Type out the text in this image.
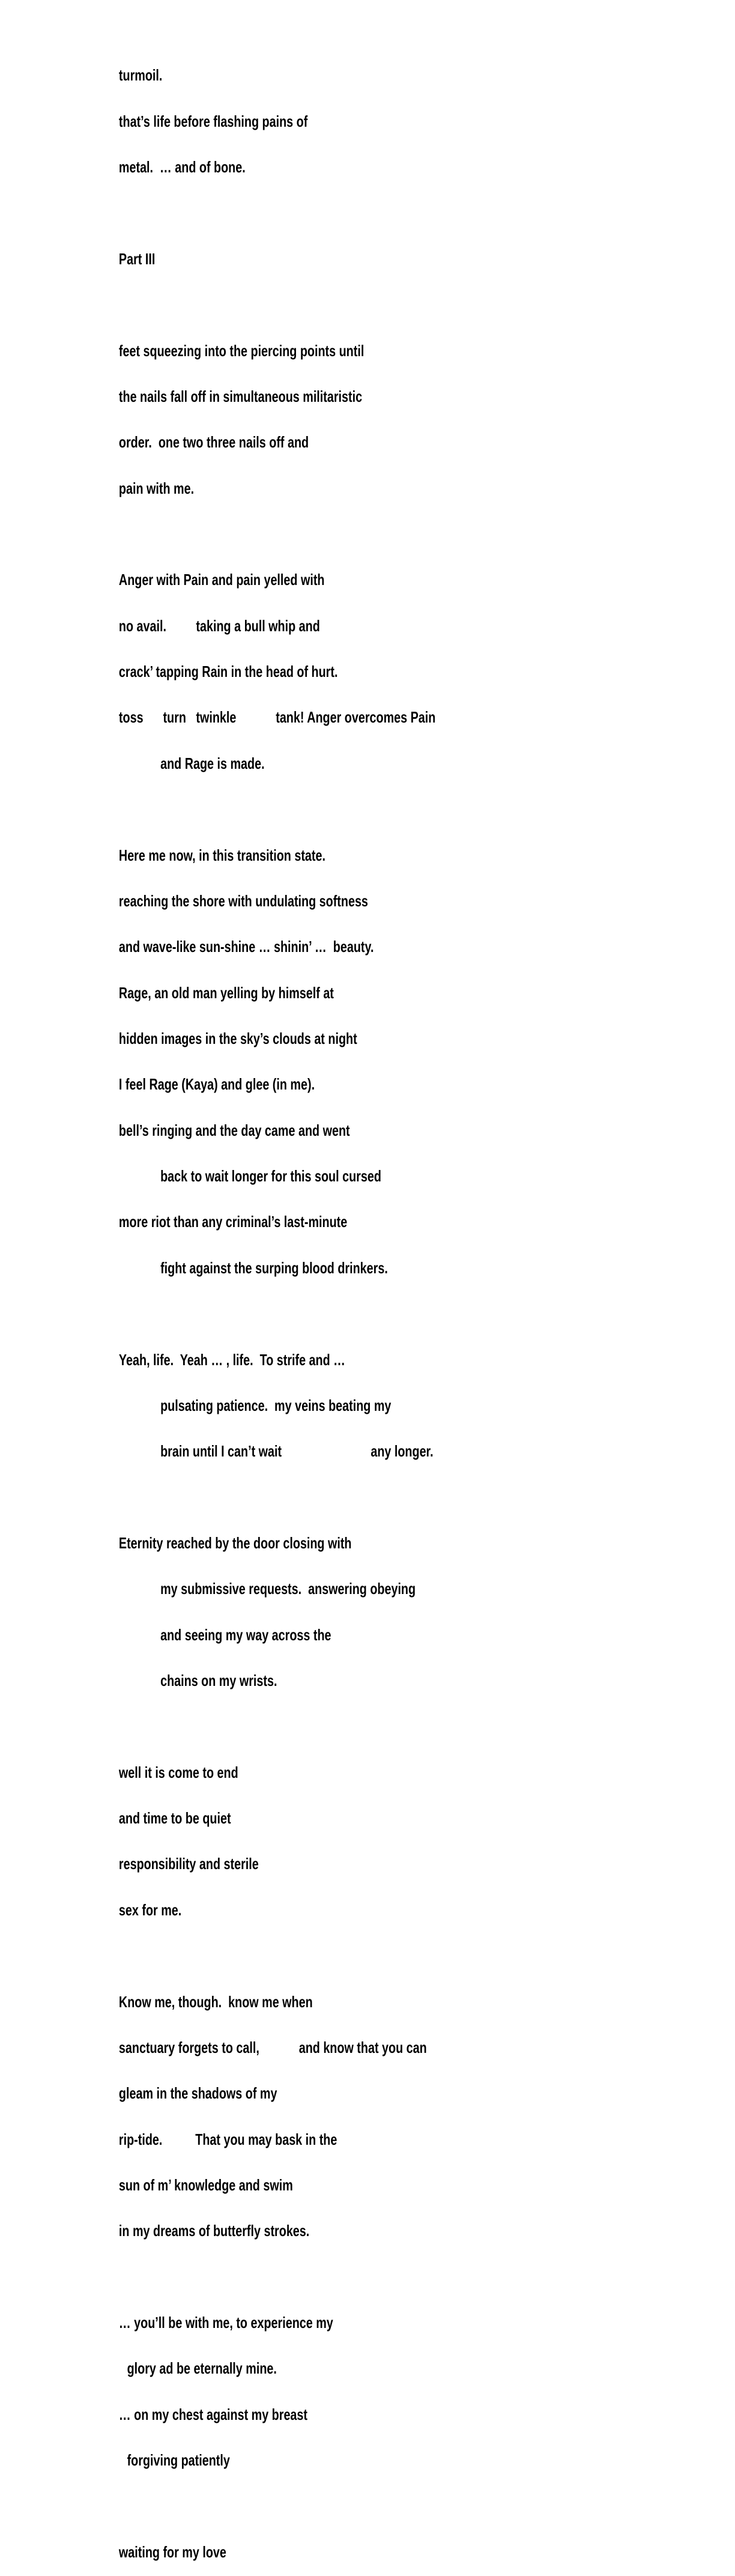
turmoil.

that’s life before flashing pains of

metal.  … and of bone.

Part III

feet squeezing into the piercing points until

the nails fall off in simultaneous militaristic

order.  one two three nails off and

pain with me.

Anger with Pain and pain yelled with

no avail.         taking a bull whip and

crack’ tapping Rain in the head of hurt.

toss      turn   twinkle            tank! Anger overcomes Pain

and Rage is made.

Here me now, in this transition state.

reaching the shore with undulating softness

and wave-like sun-shine … shinin’ …  beauty.

Rage, an old man yelling by himself at

hidden images in the sky’s clouds at night

I feel Rage (Kaya) and glee (in me).

bell’s ringing and the day came and went

back to wait longer for this soul cursed

more riot than any criminal’s last-minute

fight against the surping blood drinkers.

Yeah, life.  Yeah … , life.  To strife and …

pulsating patience.  my veins beating my

brain until I can’t wait                           any longer.

Eternity reached by the door closing with

my submissive requests.  answering obeying

and seeing my way across the

chains on my wrists.

well it is come to end

and time to be quiet

responsibility and sterile

sex for me.

Know me, though.  know me when

sanctuary forgets to call,            and know that you can

gleam in the shadows of my

rip-tide.          That you may bask in the

sun of m’ knowledge and swim

in my dreams of butterfly strokes.

… you’ll be with me, to experience my

glory ad be eternally mine.

… on my chest against my breast

forgiving patiently

waiting for my love
